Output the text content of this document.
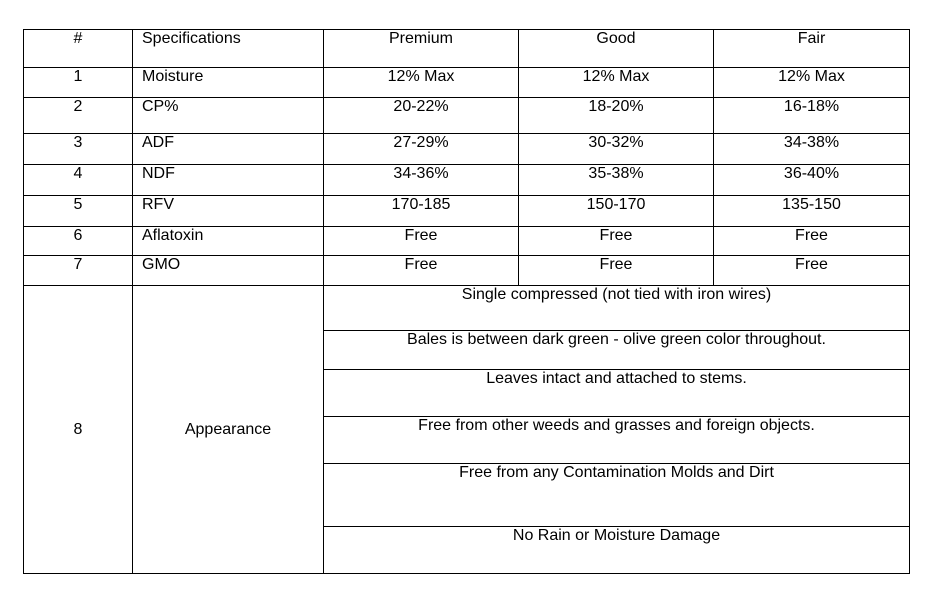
#	Specifications	Premium	Good	Fair
1	Moisture	12% Max	12% Max	12% Max
2	CP%	20-22%	18-20%	16-18%
3	ADF	27-29%	30-32%	34-38%
4	NDF	34-36%	35-38%	36-40%
5	RFV	170-185	150-170	135-150
6	Aflatoxin	Free	Free	Free
7	GMO	Free	Free	Free
8	Appearance	Single compressed (not tied with iron wires)		
		Bales is between dark green - olive green color throughout.		
		Leaves intact and attached to stems.		
		Free from other weeds and grasses and foreign objects.		
		Free from any Contamination Molds and Dirt		
		No Rain or Moisture Damage		
